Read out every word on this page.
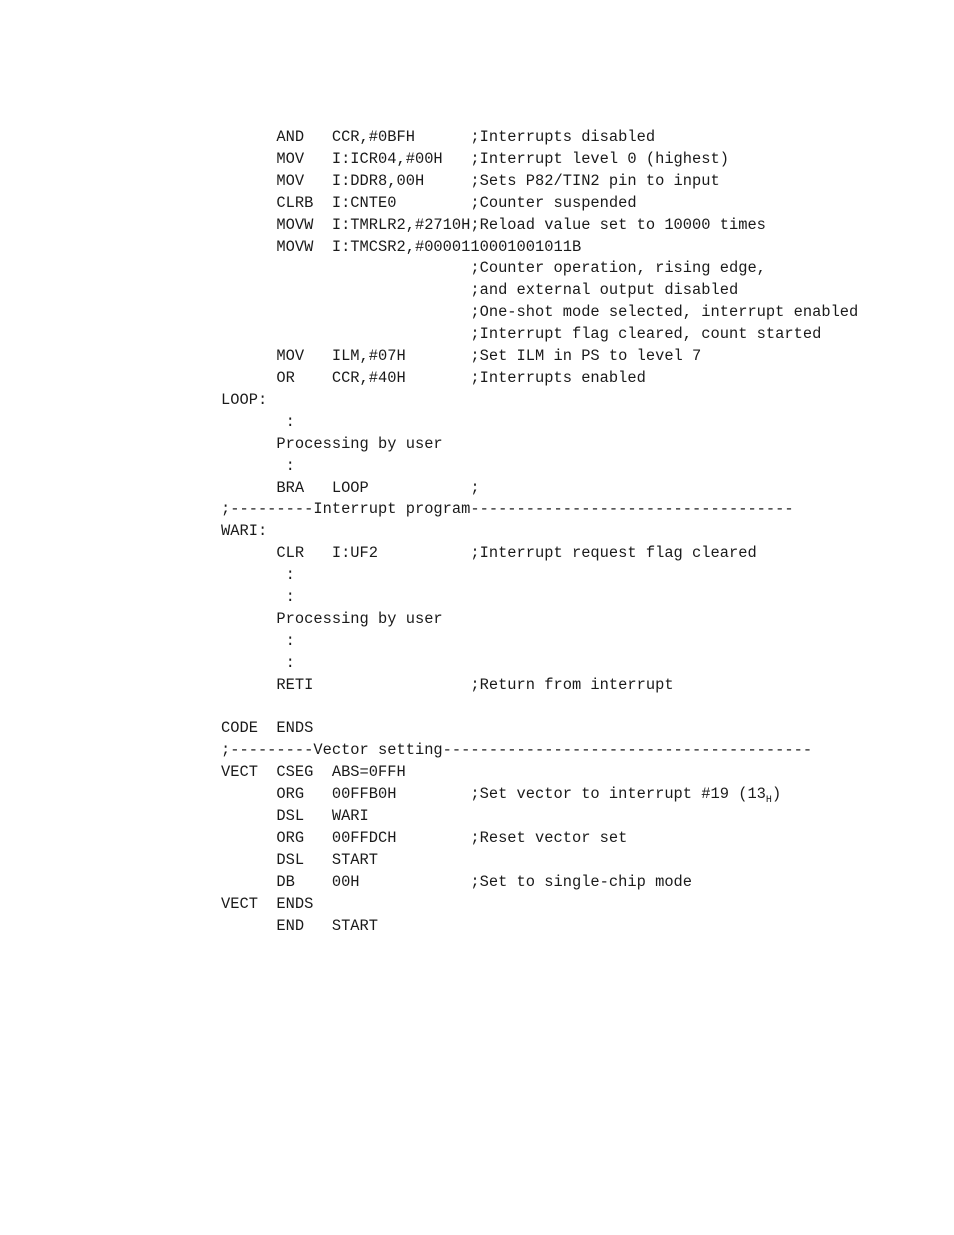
AND   CCR,#0BFH      ;Interrupts disabled
MOV   I:ICR04,#00H   ;Interrupt level 0 (highest)
MOV   I:DDR8,00H     ;Sets P82/TIN2 pin to input
CLRB  I:CNTE0        ;Counter suspended
MOVW  I:TMRLR2,#2710H;Reload value set to 10000 times
MOVW  I:TMCSR2,#0000110001001011B
;Counter operation, rising edge,
;and external output disabled
;One-shot mode selected, interrupt enabled
;Interrupt flag cleared, count started
MOV   ILM,#07H       ;Set ILM in PS to level 7
OR    CCR,#40H       ;Interrupts enabled
LOOP:
:
Processing by user
:
BRA   LOOP           ;
;---------Interrupt program-----------------------------------
WARI:
CLR   I:UF2          ;Interrupt request flag cleared
:
:
Processing by user
:
:
RETI                 ;Return from interrupt
CODE  ENDS
;---------Vector setting----------------------------------------
VECT  CSEG  ABS=0FFH
ORG   00FFB0H        ;Set vector to interrupt #19 $(13_H)$
DSL   WARI
ORG   00FFDCH        ;Reset vector set
DSL   START
DB    00H            ;Set to single-chip mode
VECT  ENDS
END   START
